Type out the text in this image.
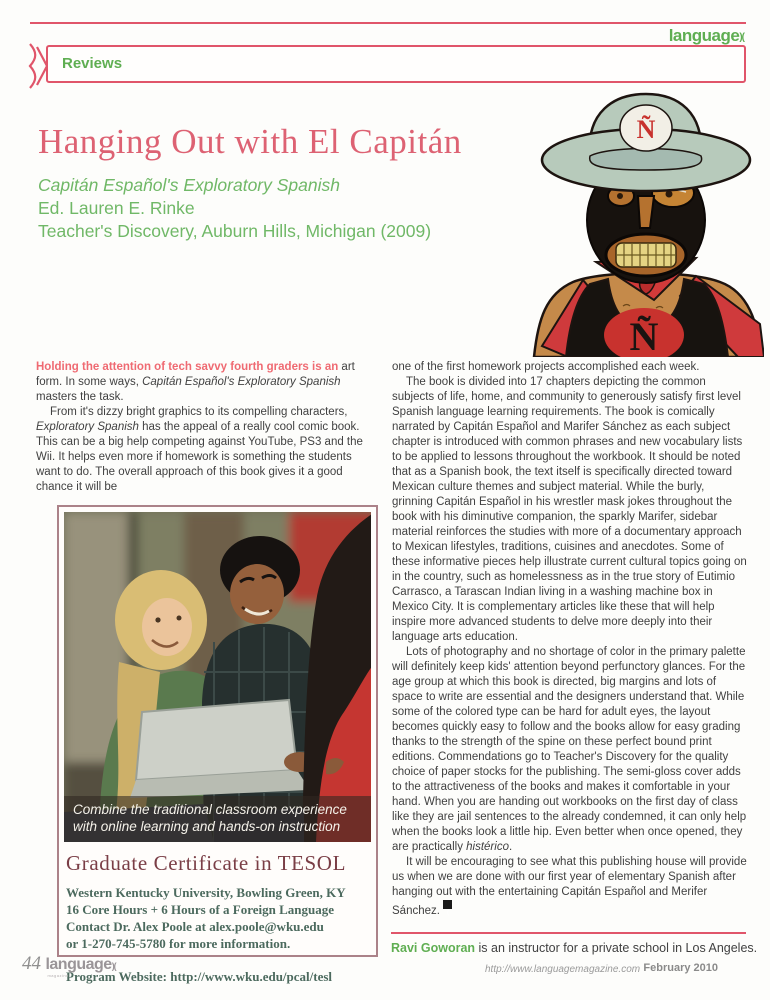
language)(
Reviews
Hanging Out with El Capitán
Capitán Español's Exploratory Spanish
Ed. Lauren E. Rinke
Teacher's Discovery, Auburn Hills, Michigan (2009)
Ñ
Ñ

Holding the attention of tech savvy fourth graders is an art form. In some ways, Capitán Español's Exploratory Spanish masters the task.

From it's dizzy bright graphics to its compelling characters, Exploratory Spanish has the appeal of a really cool comic book. This can be a big help competing against YouTube, PS3 and the Wii. It helps even more if homework is something the students want to do. The overall approach of this book gives it a good chance it will be

one of the first homework projects accomplished each week.

The book is divided into 17 chapters depicting the common subjects of life, home, and community to generously satisfy first level Spanish language learning requirements. The book is comically narrated by Capitán Español and Marifer Sánchez as each subject chapter is introduced with common phrases and new vocabulary lists to be applied to lessons throughout the workbook. It should be noted that as a Spanish book, the text itself is specifically directed toward Mexican culture themes and subject material. While the burly, grinning Capitán Español in his wrestler mask jokes throughout the book with his diminutive companion, the sparkly Marifer, sidebar material reinforces the studies with more of a documentary approach to Mexican lifestyles, traditions, cuisines and anecdotes. Some of these informative pieces help illustrate current cultural topics going on in the country, such as homelessness as in the true story of Eutimio Carrasco, a Tarascan Indian living in a washing machine box in Mexico City. It is complementary articles like these that will help inspire more advanced students to delve more deeply into their language arts education.

Lots of photography and no shortage of color in the primary palette will definitely keep kids' attention beyond perfunctory glances. For the age group at which this book is directed, big margins and lots of space to write are essential and the designers understand that. While some of the colored type can be hard for adult eyes, the layout becomes quickly easy to follow and the books allow for easy grading thanks to the strength of the spine on these perfect bound print editions. Commendations go to Teacher's Discovery for the quality choice of paper stocks for the publishing. The semi-gloss cover adds to the attractiveness of the books and makes it comfortable in your hand. When you are handing out workbooks on the first day of class like they are jail sentences to the already condemned, it can only help when the books look a little hip. Even better when once opened, they are practically histérico.

It will be encouraging to see what this publishing house will provide us when we are done with our first year of elementary Spanish after hanging out with the entertaining Capitán Español and Merifer Sánchez. )(

Combine the traditional classroom experience
with online learning and hands-on instruction
Graduate Certificate in TESOL
Western Kentucky University, Bowling Green, KY
16 Core Hours + 6 Hours of a Foreign Language
Contact Dr. Alex Poole at alex.poole@wku.edu
or 1-270-745-5780 for more information.
Program Website: http://www.wku.edu/pcal/tesl
Ravi Goworan is an instructor for a private school in Los Angeles.
http://www.languagemagazine.com February 2010
44 language)(
magazine
